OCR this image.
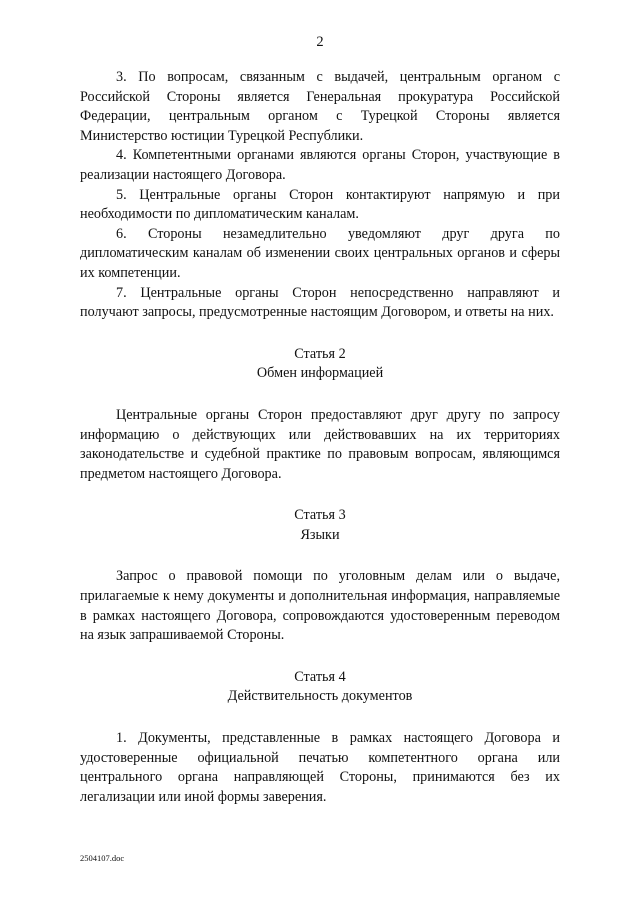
2

3. По вопросам, связанным с выдачей, центральным органом с Российской Стороны является Генеральная прокуратура Российской Федерации, центральным органом с Турецкой Стороны является Министерство юстиции Турецкой Республики.

4. Компетентными органами являются органы Сторон, участвующие в реализации настоящего Договора.

5. Центральные органы Сторон контактируют напрямую и при необходимости по дипломатическим каналам.

6. Стороны незамедлительно уведомляют друг друга по дипломатическим каналам об изменении своих центральных органов и сферы их компетенции.

7. Центральные органы Сторон непосредственно направляют и получают запросы, предусмотренные настоящим Договором, и ответы на них.

Статья 2

Обмен информацией

Центральные органы Сторон предоставляют друг другу по запросу информацию о действующих или действовавших на их территориях законодательстве и судебной практике по правовым вопросам, являющимся предметом настоящего Договора.

Статья 3

Языки

Запрос о правовой помощи по уголовным делам или о выдаче, прилагаемые к нему документы и дополнительная информация, направляемые в рамках настоящего Договора, сопровождаются удостоверенным переводом на язык запрашиваемой Стороны.

Статья 4

Действительность документов

1. Документы, представленные в рамках настоящего Договора и удостоверенные официальной печатью компетентного органа или центрального органа направляющей Стороны, принимаются без их легализации или иной формы заверения.

2504107.doc
